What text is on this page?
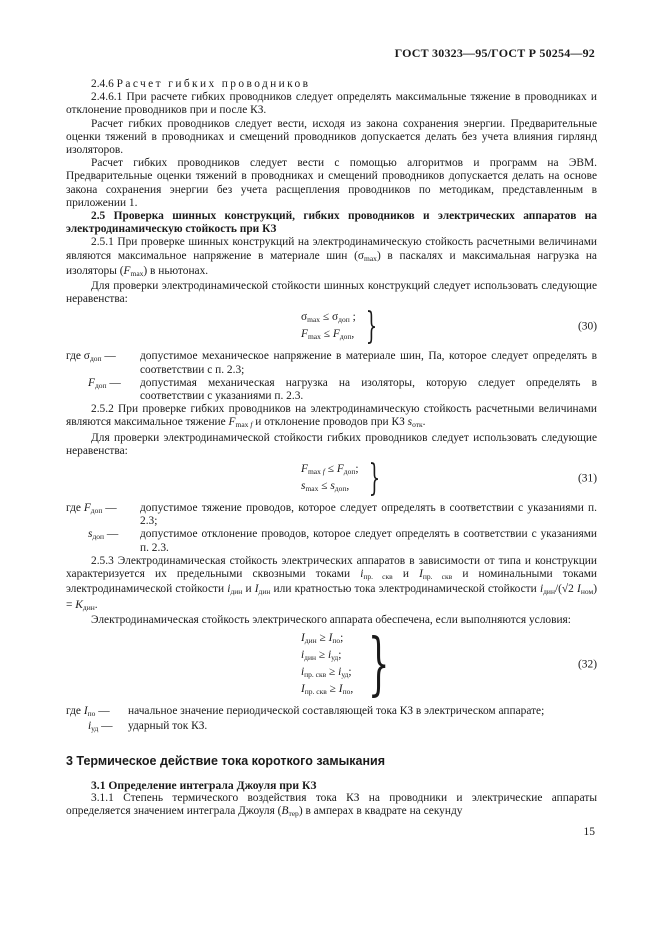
ГОСТ 30323—95/ГОСТ Р 50254—92

2.4.6 Расчет гибких проводников

2.4.6.1 При расчете гибких проводников следует определять максимальные тяжение в проводниках и отклонение проводников при и после КЗ.

Расчет гибких проводников следует вести, исходя из закона сохранения энергии. Предварительные оценки тяжений в проводниках и смещений проводников допускается делать без учета влияния гирлянд изоляторов.

Расчет гибких проводников следует вести с помощью алгоритмов и программ на ЭВМ. Предварительные оценки тяжений в проводниках и смещений проводников допускается делать на основе закона сохранения энергии без учета расщепления проводников по методикам, представленным в приложении 1.

2.5 Проверка шинных конструкций, гибких проводников и электрических аппаратов на электродинамическую стойкость при КЗ

2.5.1 При проверке шинных конструкций на электродинамическую стойкость расчетными величинами являются максимальное напряжение в материале шин $(\sigma_{max})$ в паскалях и максимальная нагрузка на изоляторы $(F_{max})$ в ньютонах.

Для проверки электродинамической стойкости шинных конструкций следует использовать следующие неравенства:

$\sigma_{max} \le \sigma_{доп}$ ;
$F_{max} \le F_{доп}$, }	(30)
где $\sigma_{доп}$ —	допустимое механическое напряжение в материале шин, Па, которое следует определять в соответствии с п. 2.3;
$F_{доп}$ —	допустимая механическая нагрузка на изоляторы, которую следует определять в соответствии с указаниями п. 2.3.

2.5.2 При проверке гибких проводников на электродинамическую стойкость расчетными величинами являются максимальное тяжение $F_{max f}$ и отклонение проводов при КЗ $s_{отк}$.

Для проверки электродинамической стойкости гибких проводников следует использовать следующие неравенства:

$F_{max f} \le F_{доп}$;
$s_{max} \le s_{доп}$, }	(31)
где $F_{доп}$ —	допустимое тяжение проводов, которое следует определять в соответствии с указаниями п. 2.3;
$s_{доп}$ —	допустимое отклонение проводов, которое следует определять в соответствии с указаниями п. 2.3.

2.5.3 Электродинамическая стойкость электрических аппаратов в зависимости от типа и конструкции характеризуется их предельными сквозными токами $i_{пр. скв}$ и $I_{пр. скв}$ и номинальными токами электродинамической стойкости $i_{дин}$ и $I_{дин}$ или кратностью тока электродинамической стойкости $i_{дин}/(√2$ $I_{ном}) = K_{дин}$.

Электродинамическая стойкость электрического аппарата обеспечена, если выполняются условия:

$I_{дин} \ge I_{по}$;
$i_{дин} \ge i_{уд}$;
$i_{пр. скв} \ge i_{уд}$;
$I_{пр. скв} \ge I_{по}$, }	(32)
где $I_{по}$ —	начальное значение периодической составляющей тока КЗ в электрическом аппарате;
$i_{уд}$ —	ударный ток КЗ.
3 Термическое действие тока короткого замыкания
3.1 Определение интеграла Джоуля при КЗ

3.1.1 Степень термического воздействия тока КЗ на проводники и электрические аппараты определяется значением интеграла Джоуля $(B_{тер})$ в амперах в квадрате на секунду

15
